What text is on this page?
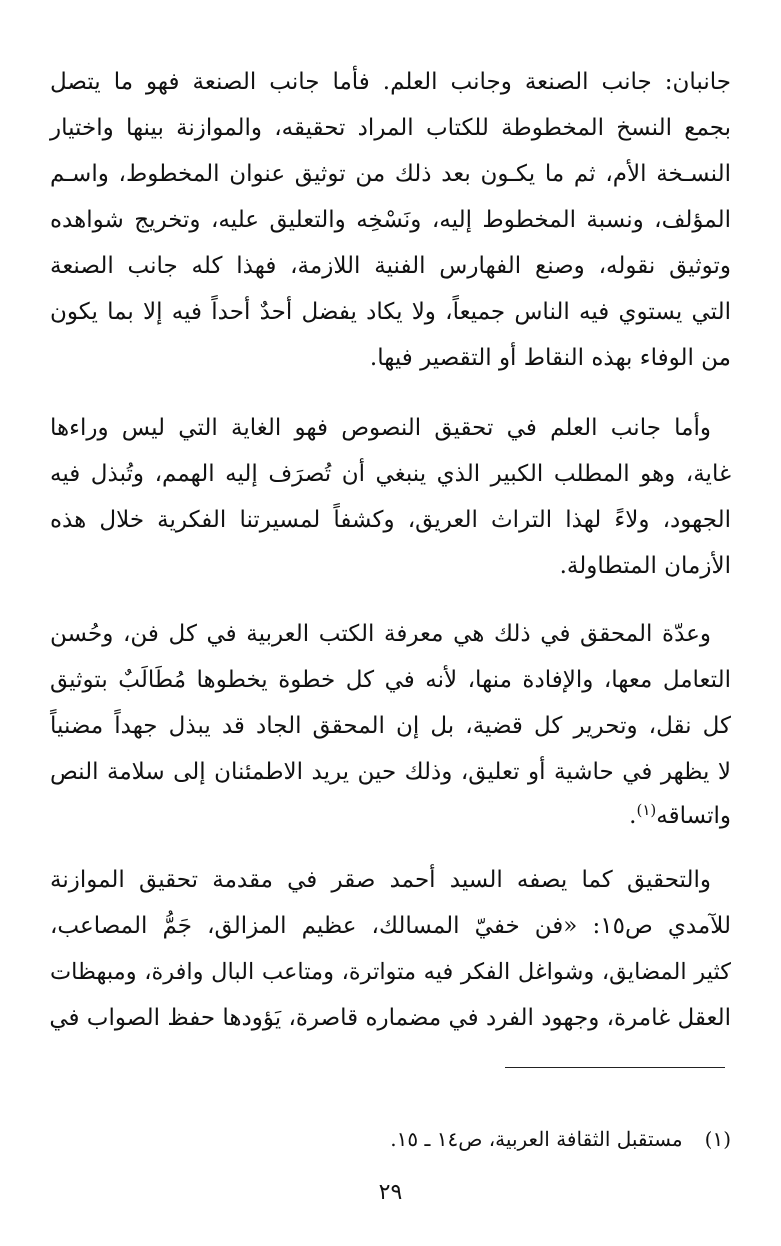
جانبان: جانب الصنعة وجانب العلم. فأما جانب الصنعة فهو ما يتصل
بجمع النسخ المخطوطة للكتاب المراد تحقيقه، والموازنة بينها واختيار
النسـخة الأم، ثم ما يكـون بعد ذلك من توثيق عنوان المخطوط، واسـم
المؤلف، ونسبة المخطوط إليه، ونَسْخِه والتعليق عليه، وتخريج شواهده
وتوثيق نقوله، وصنع الفهارس الفنية اللازمة، فهذا كله جانب الصنعة
التي يستوي فيه الناس جميعاً، ولا يكاد يفضل أحدٌ أحداً فيه إلا بما يكون
من الوفاء بهذه النقاط أو التقصير فيها.
وأما جانب العلم في تحقيق النصوص فهو الغاية التي ليس وراءها
غاية، وهو المطلب الكبير الذي ينبغي أن تُصرَف إليه الهمم، وتُبذل فيه
الجهود، ولاءً لهذا التراث العريق، وكشفاً لمسيرتنا الفكرية خلال هذه
الأزمان المتطاولة.
وعدّة المحقق في ذلك هي معرفة الكتب العربية في كل فن، وحُسن
التعامل معها، والإفادة منها، لأنه في كل خطوة يخطوها مُطَالَبٌ بتوثيق
كل نقل، وتحرير كل قضية، بل إن المحقق الجاد قد يبذل جهداً مضنياً
لا يظهر في حاشية أو تعليق، وذلك حين يريد الاطمئنان إلى سلامة النص
واتساقه$^{(١)}$.
والتحقيق كما يصفه السيد أحمد صقر في مقدمة تحقيق الموازنة
للآمدي ص١٥: «فن خفيّ المسالك، عظيم المزالق، جَمُّ المصاعب،
كثير المضايق، وشواغل الفكر فيه متواترة، ومتاعب البال وافرة، ومبهظات
العقل غامرة، وجهود الفرد في مضماره قاصرة، يَؤودها حفظ الصواب في
(١)مستقبل الثقافة العربية، ص١٤ ـ ١٥.
٢٩
